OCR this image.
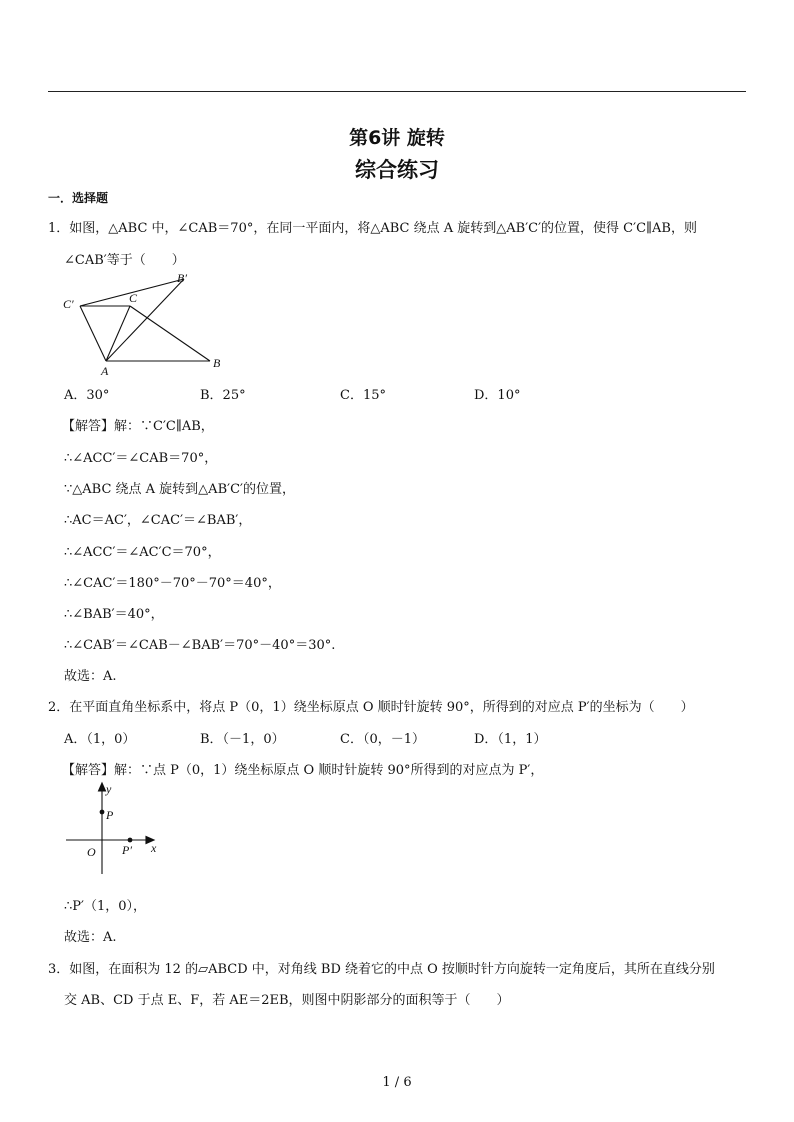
第6讲 旋转
综合练习
一．选择题
1．如图，△ABC 中，∠CAB＝70°，在同一平面内，将△ABC 绕点 A 旋转到△AB′C′的位置，使得 C′C∥AB，则
∠CAB′等于（　　）
A
B
C
C′
B′
A．30°	B．25°	C．15°	D．10°
【解答】解：∵C′C∥AB，
∴∠ACC′＝∠CAB＝70°，
∵△ABC 绕点 A 旋转到△AB′C′的位置，
∴AC＝AC′，∠CAC′＝∠BAB′，
∴∠ACC′＝∠AC′C＝70°，
∴∠CAC′＝180°－70°－70°＝40°，
∴∠BAB′＝40°，
∴∠CAB′＝∠CAB－∠BAB′＝70°－40°＝30°.
故选：A.
2．在平面直角坐标系中，将点 P（0，1）绕坐标原点 O 顺时针旋转 90°，所得到的对应点 P′的坐标为（　　）
A．（1，0）	B．（－1，0）	C．（0，－1）	D．（1，1）
【解答】解：∵点 P（0，1）绕坐标原点 O 顺时针旋转 90°所得到的对应点为 P′，
y
x
O
P
P′
∴P′（1，0），
故选：A.
3．如图，在面积为 12 的▱ABCD 中，对角线 BD 绕着它的中点 O 按顺时针方向旋转一定角度后，其所在直线分别
交 AB、CD 于点 E、F，若 AE＝2EB，则图中阴影部分的面积等于（　　）
1 / 6
